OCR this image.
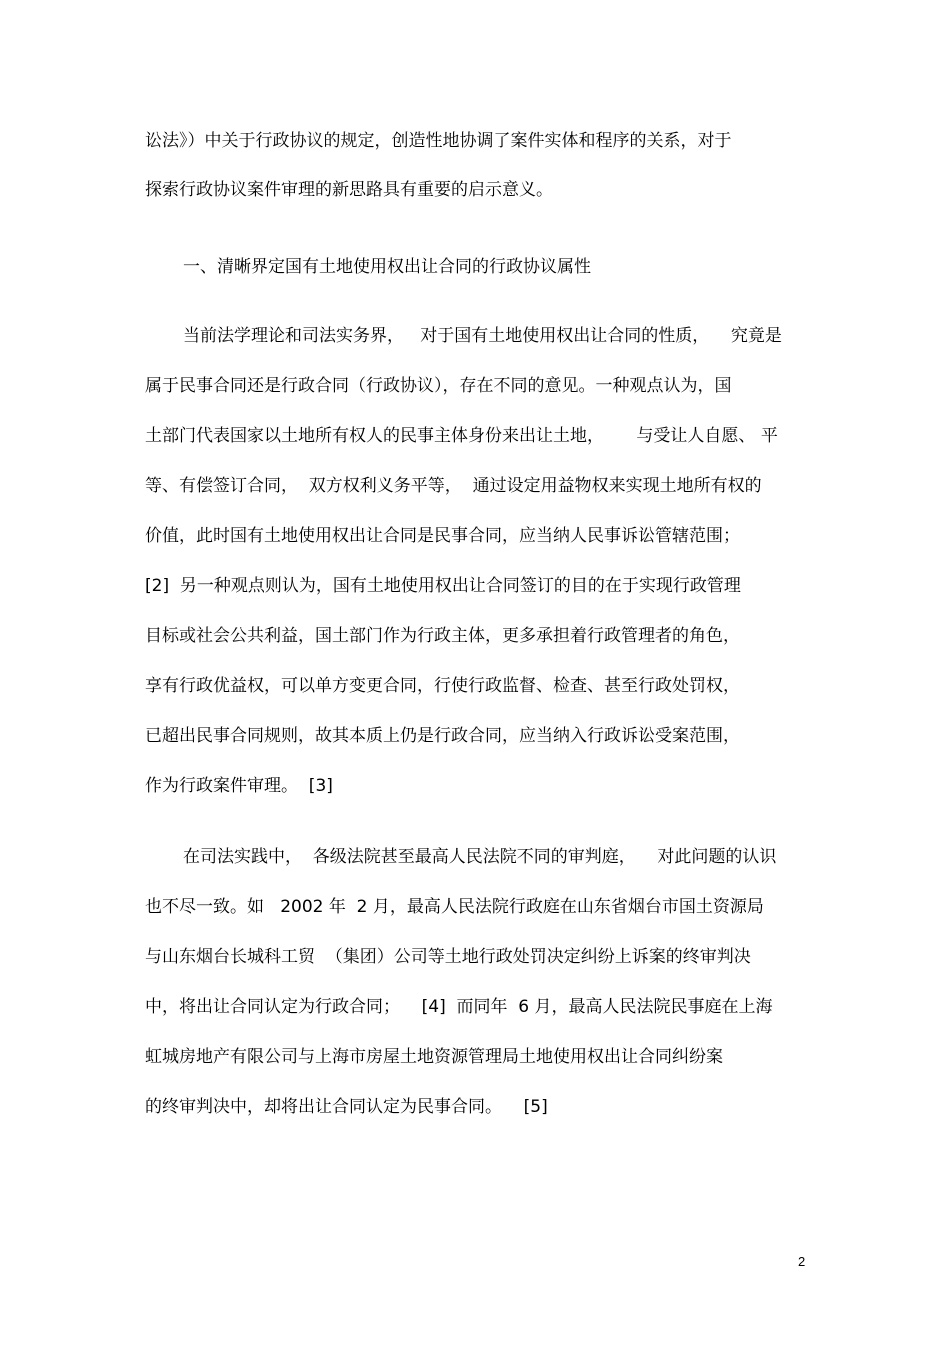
讼法》）中关于行政协议的规定，创造性地协调了案件实体和程序的关系，对于
探索行政协议案件审理的新思路具有重要的启示意义。
一、清晰界定国有土地使用权出让合同的行政协议属性
当前法学理论和司法实务界，   对于国有土地使用权出让合同的性质，    究竟是
属于民事合同还是行政合同（行政协议），存在不同的意见。一种观点认为，国
土部门代表国家以土地所有权人的民事主体身份来出让土地，      与受让人自愿、 平
等、有偿签订合同，  双方权利义务平等，  通过设定用益物权来实现土地所有权的
价值，此时国有土地使用权出让合同是民事合同，应当纳人民事诉讼管辖范围；
[2]  另一种观点则认为，国有土地使用权出让合同签订的目的在于实现行政管理
目标或社会公共利益，国土部门作为行政主体，更多承担着行政管理者的角色，
享有行政优益权，可以单方变更合同，行使行政监督、检查、甚至行政处罚权，
已超出民事合同规则，故其本质上仍是行政合同，应当纳入行政诉讼受案范围，
作为行政案件审理。  [3]
在司法实践中，  各级法院甚至最高人民法院不同的审判庭，    对此问题的认识
也不尽一致。如   2002 年  2 月，最高人民法院行政庭在山东省烟台市国土资源局
与山东烟台长城科工贸  （集团）公司等土地行政处罚决定纠纷上诉案的终审判决
中，将出让合同认定为行政合同；    [4]  而同年  6 月，最高人民法院民事庭在上海
虹城房地产有限公司与上海市房屋土地资源管理局土地使用权出让合同纠纷案
的终审判决中，却将出让合同认定为民事合同。    [5]
2
